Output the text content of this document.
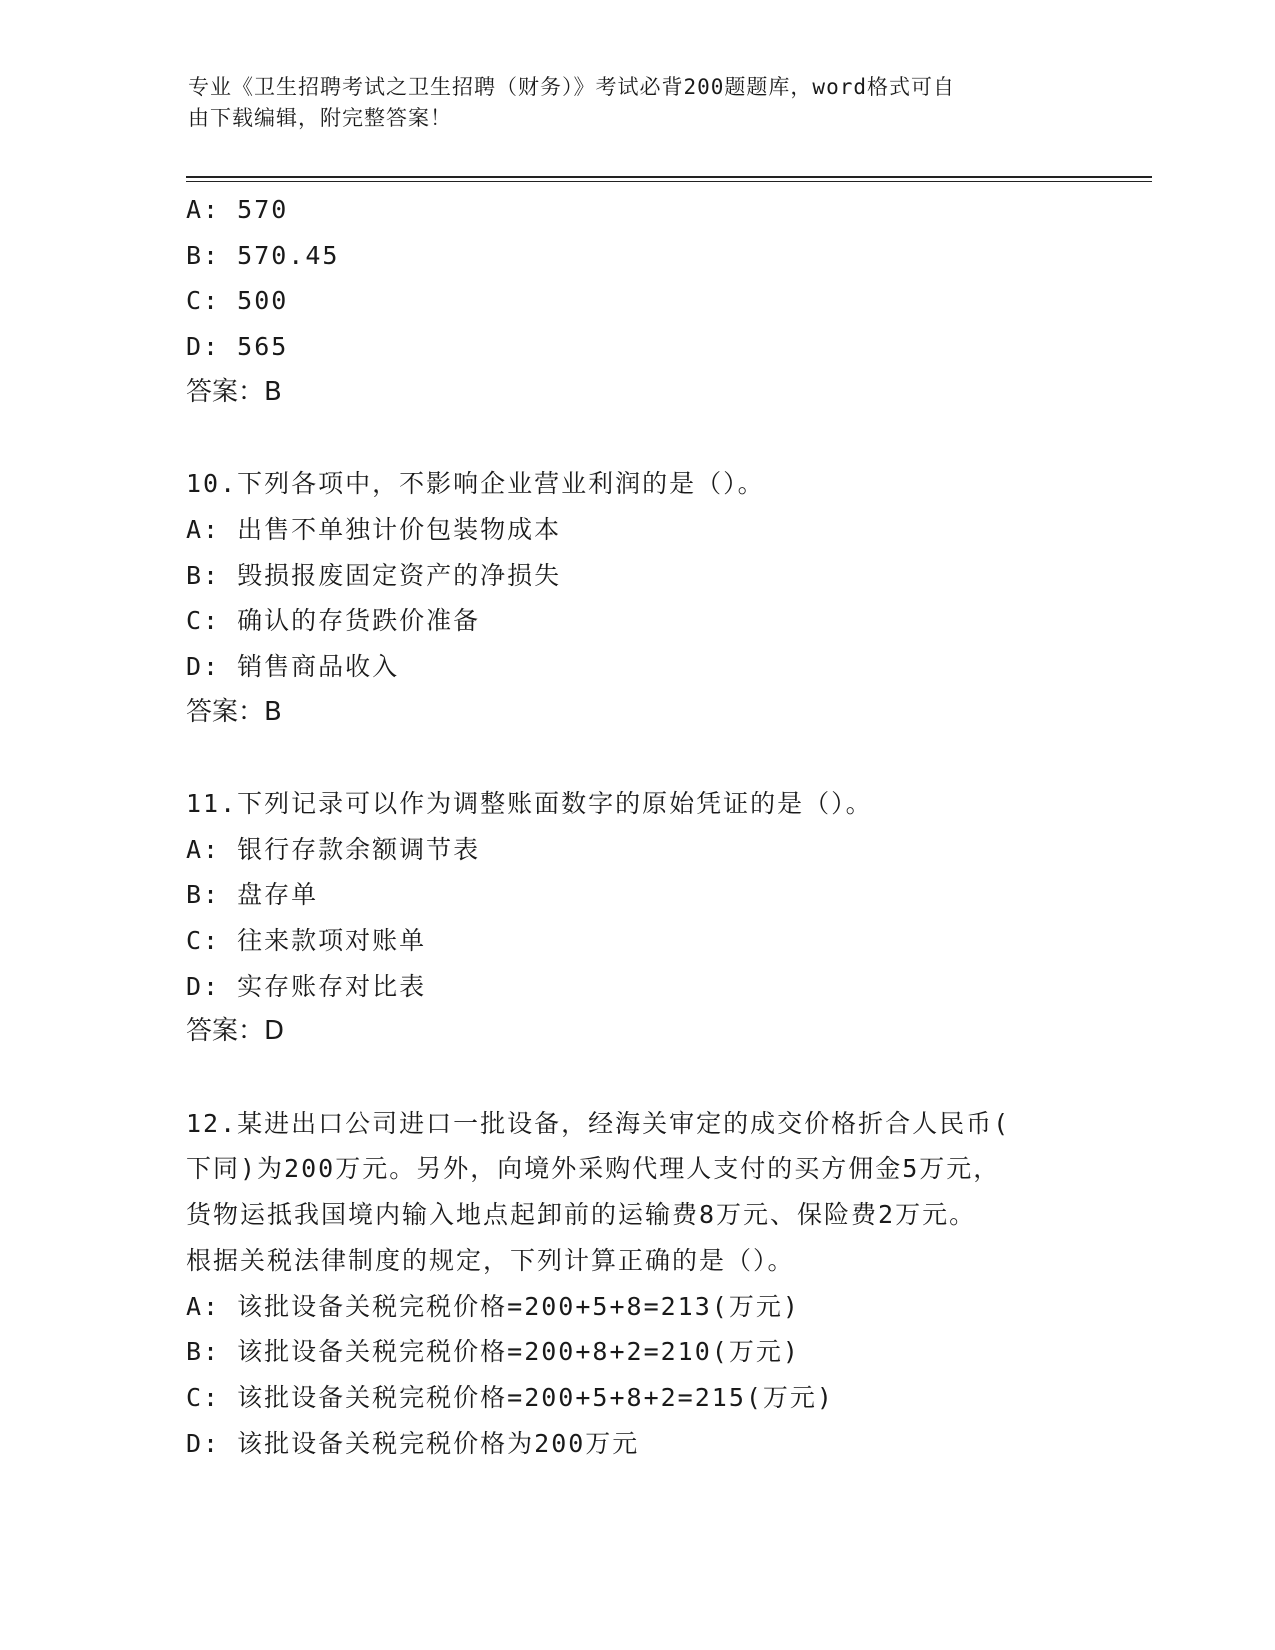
专业《卫生招聘考试之卫生招聘（财务）》考试必背200题题库，word格式可自
由下载编辑，附完整答案！
A: 570
B: 570.45
C: 500
D: 565
答案：B
10.下列各项中，不影响企业营业利润的是（）。
A: 出售不单独计价包装物成本
B: 毁损报废固定资产的净损失
C: 确认的存货跌价准备
D: 销售商品收入
答案：B
11.下列记录可以作为调整账面数字的原始凭证的是（）。
A: 银行存款余额调节表
B: 盘存单
C: 往来款项对账单
D: 实存账存对比表
答案：D
12.某进出口公司进口一批设备，经海关审定的成交价格折合人民币(
下同)为200万元。另外，向境外采购代理人支付的买方佣金5万元，
货物运抵我国境内输入地点起卸前的运输费8万元、保险费2万元。
根据关税法律制度的规定，下列计算正确的是（）。
A: 该批设备关税完税价格=200+5+8=213(万元)
B: 该批设备关税完税价格=200+8+2=210(万元)
C: 该批设备关税完税价格=200+5+8+2=215(万元)
D: 该批设备关税完税价格为200万元
